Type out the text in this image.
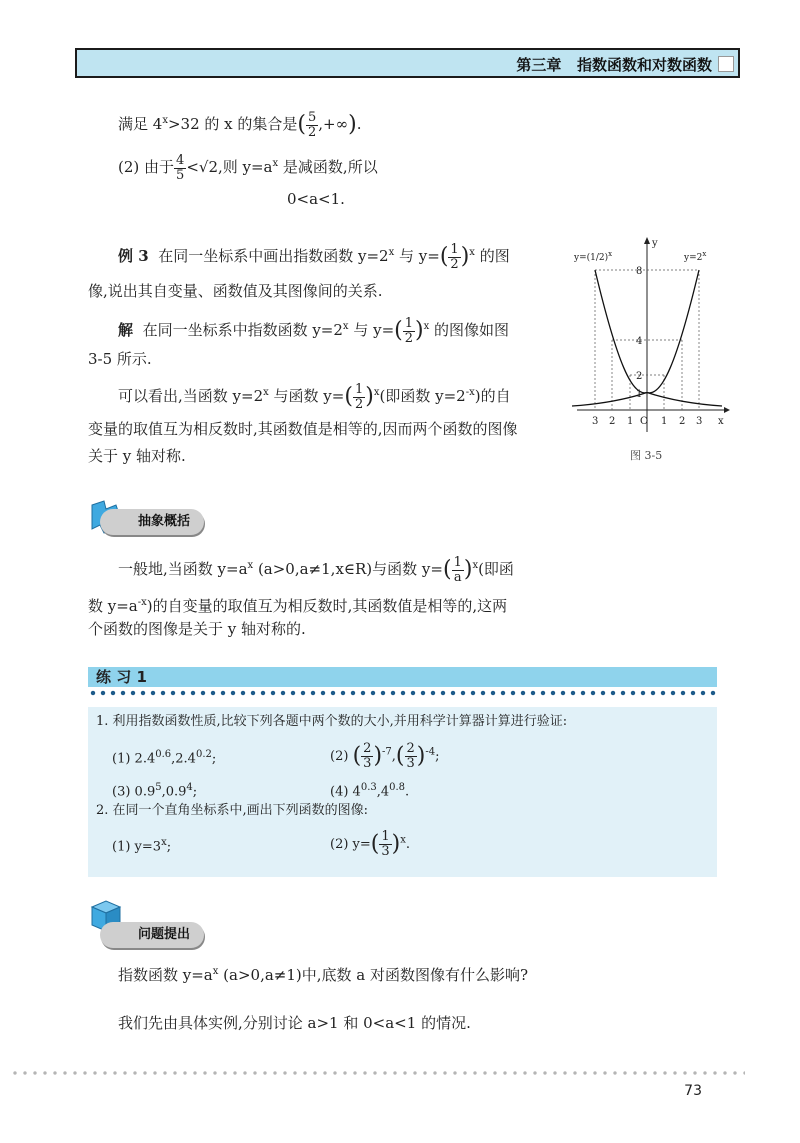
第三章   指数函数和对数函数
满足 $4^x>32$ 的 x 的集合是( $\frac{5}{2}$ ,+∞).
(2) 由于 $\frac{4}{5} <√2$,则 $y=a^x$ 是减函数,所以
0<a<1.
例 3 在同一坐标系中画出指数函数 $y=2^x$ 与 $y=( \frac{1}{2} )^x$ 的图
像,说出其自变量、函数值及其图像间的关系.
解 在同一坐标系中指数函数 $y=2^x$ 与 $y=( \frac{1}{2} )^x$ 的图像如图
3-5 所示.
可以看出,当函数 $y=2^x$ 与函数 $y=( \frac{1}{2} )^x$(即函数 $y=2^{-x}$)的自
变量的取值互为相反数时,其函数值是相等的,因而两个函数的图像
关于 y 轴对称.
y
x
$y=(1/2)^x$	$y=2^x$
8
4
2
1
3 2 1 O 1 2 3
图 3-5
抽象概括
一般地,当函数 $y=a^x$ (a>0,a≠1,x∈R)与函数 $y=( \frac{1}{a} )^x$(即函
数 $y=a^{-x}$)的自变量的取值互为相反数时,其函数值是相等的,这两
个函数的图像是关于 y 轴对称的.
练 习 1
1. 利用指数函数性质,比较下列各题中两个数的大小,并用科学计算器计算进行验证:
(1) $2.4^{0.6},2.4^{0.2}$;	(2) ( $\frac{2}{3} )^{-7},( \frac{2}{3} )^{-4}$;
(3) $0.9^5,0.9^4$;	(4) $4^{0.3},4^{0.8}$.
2. 在同一个直角坐标系中,画出下列函数的图像:
(1) $y=3^x$;	(2) $y=( \frac{1}{3} )^x$.
问题提出
指数函数 $y=a^x$ (a>0,a≠1)中,底数 a 对函数图像有什么影响?
我们先由具体实例,分别讨论 a>1 和 0<a<1 的情况.
73
